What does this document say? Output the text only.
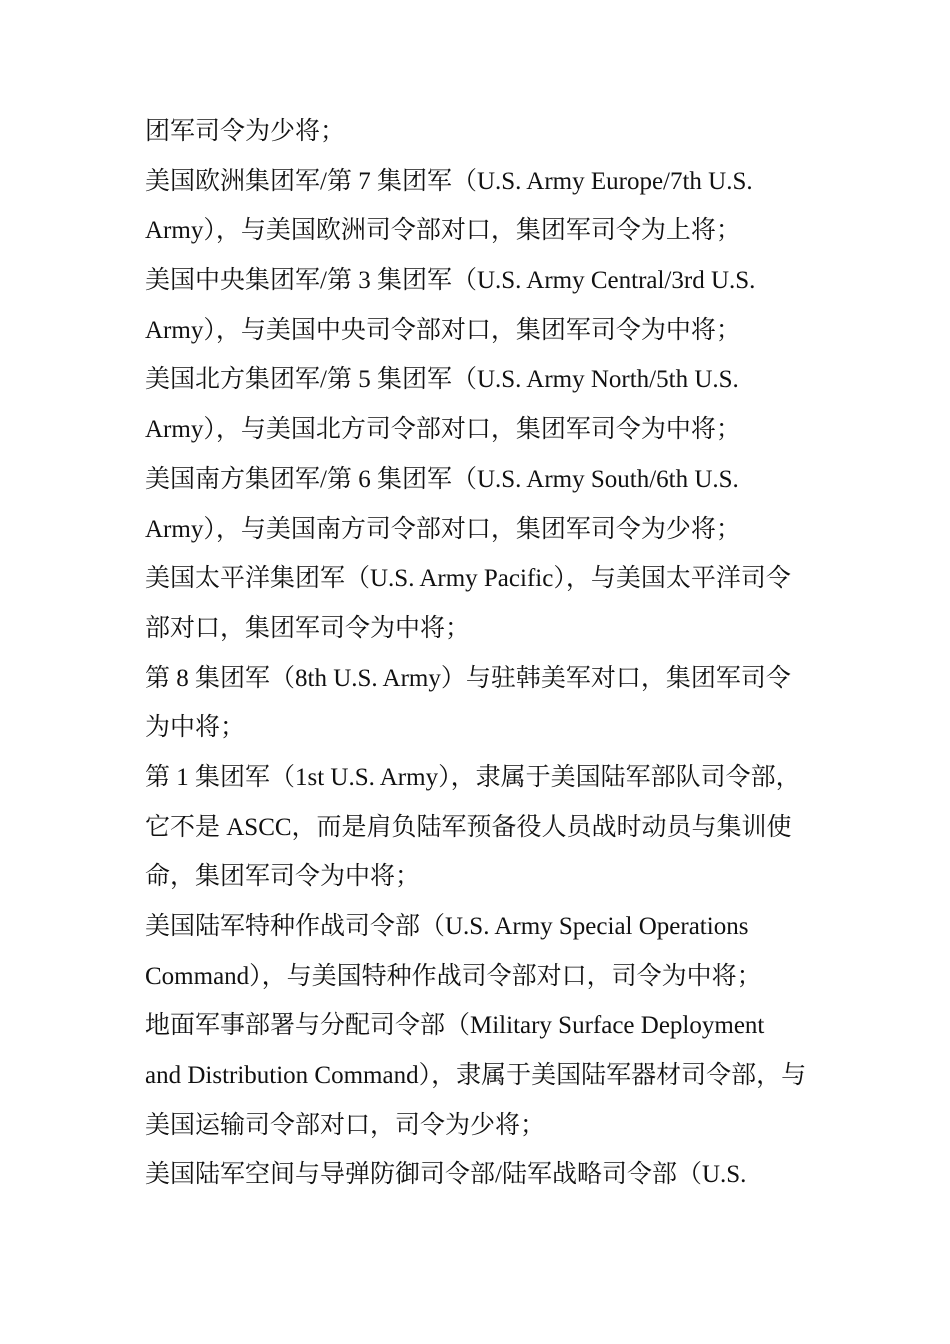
团军司令为少将；
美国欧洲集团军/第 7 集团军（U.S. Army Europe/7th U.S.
Army），与美国欧洲司令部对口，集团军司令为上将；
美国中央集团军/第 3 集团军（U.S. Army Central/3rd U.S.
Army），与美国中央司令部对口，集团军司令为中将；
美国北方集团军/第 5 集团军（U.S. Army North/5th U.S.
Army），与美国北方司令部对口，集团军司令为中将；
美国南方集团军/第 6 集团军（U.S. Army South/6th U.S.
Army），与美国南方司令部对口，集团军司令为少将；
美国太平洋集团军（U.S. Army Pacific），与美国太平洋司令
部对口，集团军司令为中将；
第 8 集团军（8th U.S. Army）与驻韩美军对口，集团军司令
为中将；
第 1 集团军（1st U.S. Army），隶属于美国陆军部队司令部，
它不是 ASCC，而是肩负陆军预备役人员战时动员与集训使
命，集团军司令为中将；
美国陆军特种作战司令部（U.S. Army Special Operations
Command），与美国特种作战司令部对口，司令为中将；
地面军事部署与分配司令部（Military Surface Deployment
and Distribution Command），隶属于美国陆军器材司令部，与
美国运输司令部对口，司令为少将；
美国陆军空间与导弹防御司令部/陆军战略司令部（U.S.
